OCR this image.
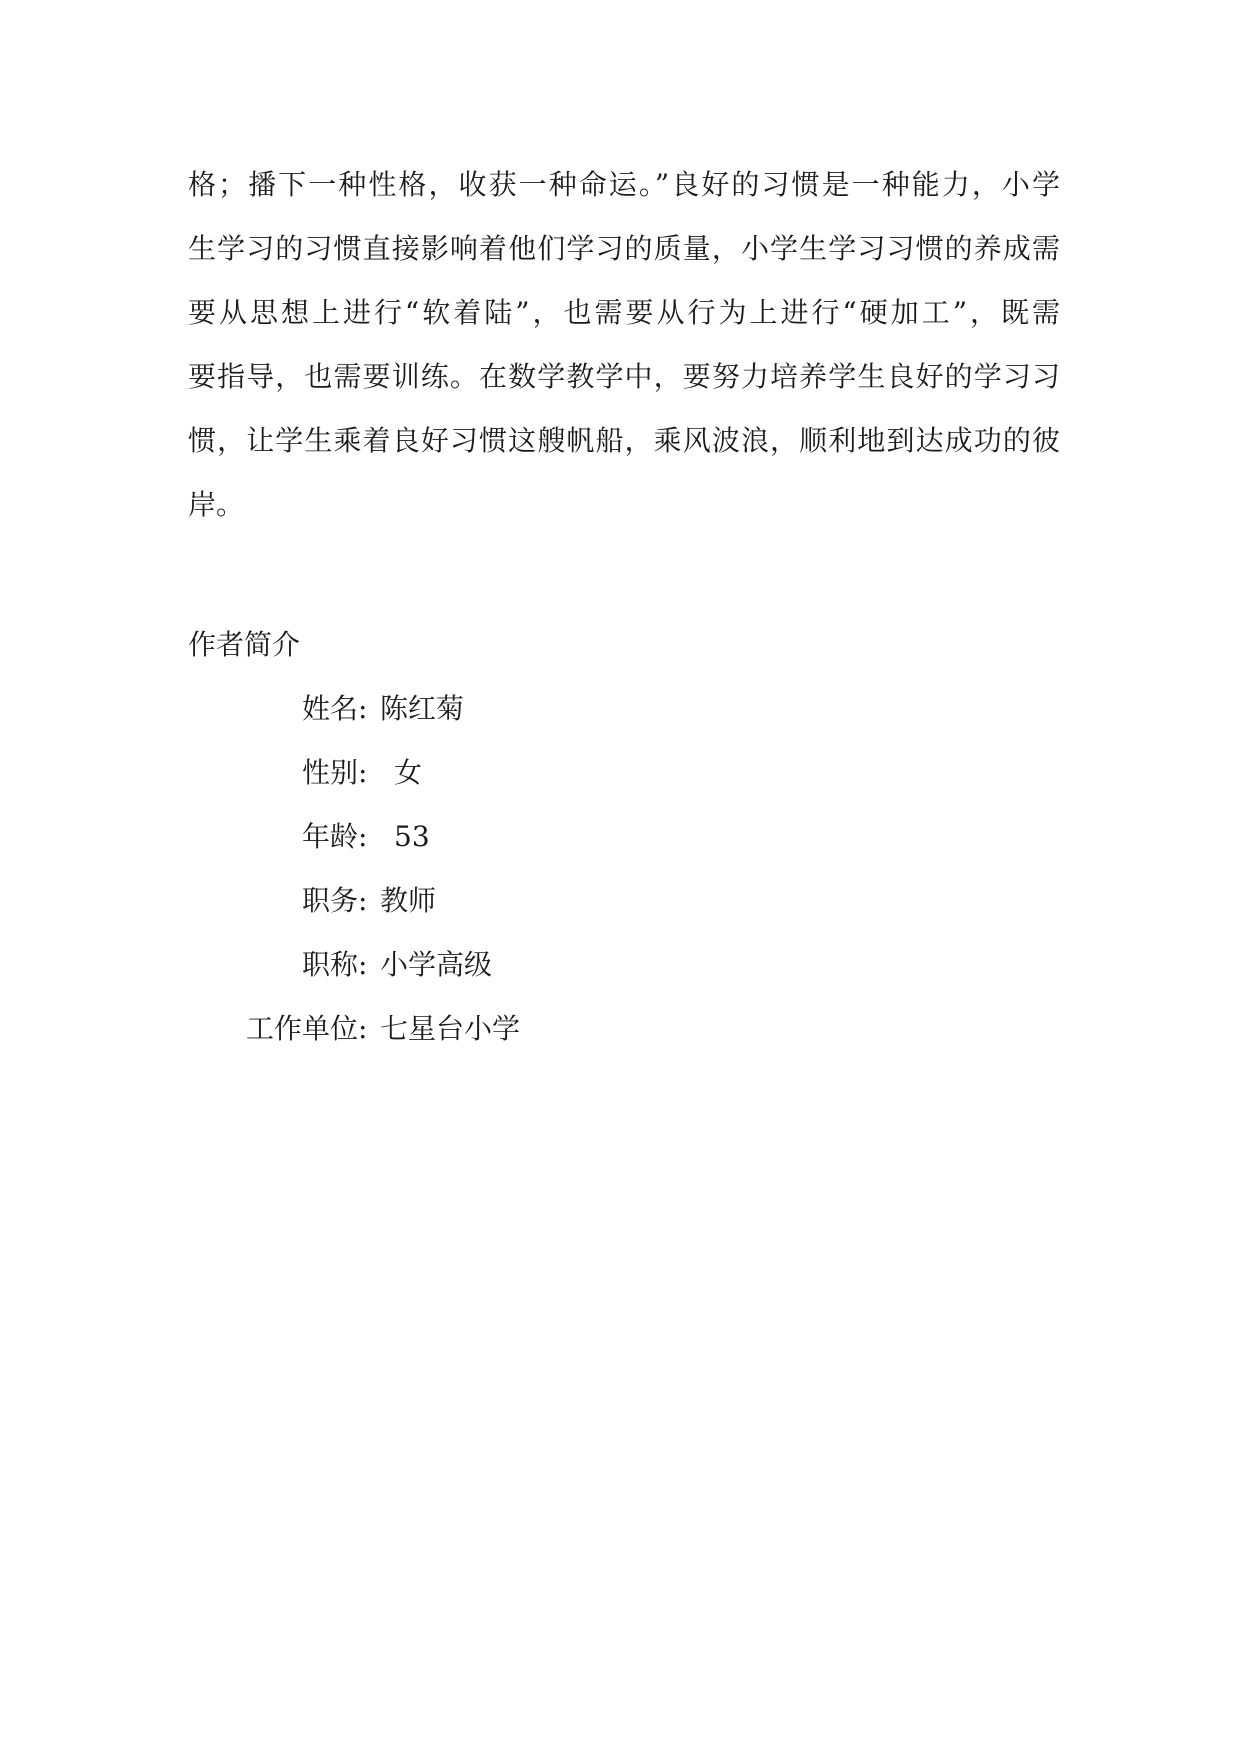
格；播下一种性格，收获一种命运。”良好的习惯是一种能力，小学
生学习的习惯直接影响着他们学习的质量，小学生学习习惯的养成需
要从思想上进行“软着陆”，也需要从行为上进行“硬加工”，既需
要指导，也需要训练。在数学教学中，要努力培养学生良好的学习习
惯，让学生乘着良好习惯这艘帆船，乘风波浪，顺利地到达成功的彼
岸。
作者简介
姓名 : 陈红菊
性别 : 女
年龄 : 53
职务 : 教师
职称 : 小学高级
工作单位 : 七星台小学
